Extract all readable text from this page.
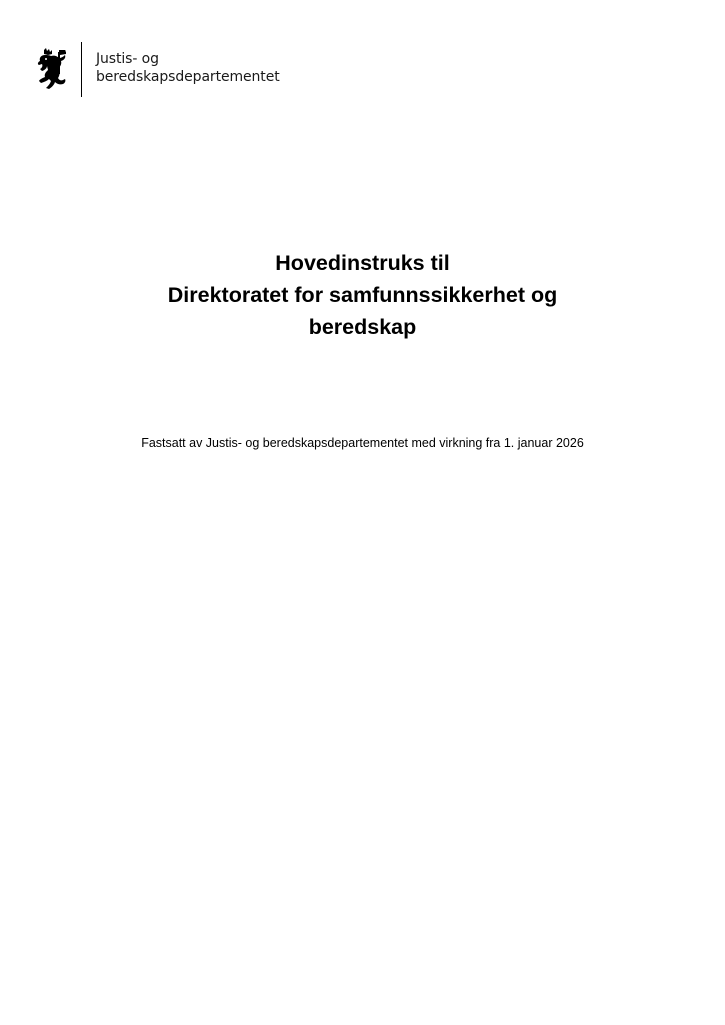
Justis- og
beredskapsdepartementet
Hovedinstruks til
Direktoratet for samfunnssikkerhet og
beredskap
Fastsatt av Justis- og beredskapsdepartementet med virkning fra 1. januar 2026
